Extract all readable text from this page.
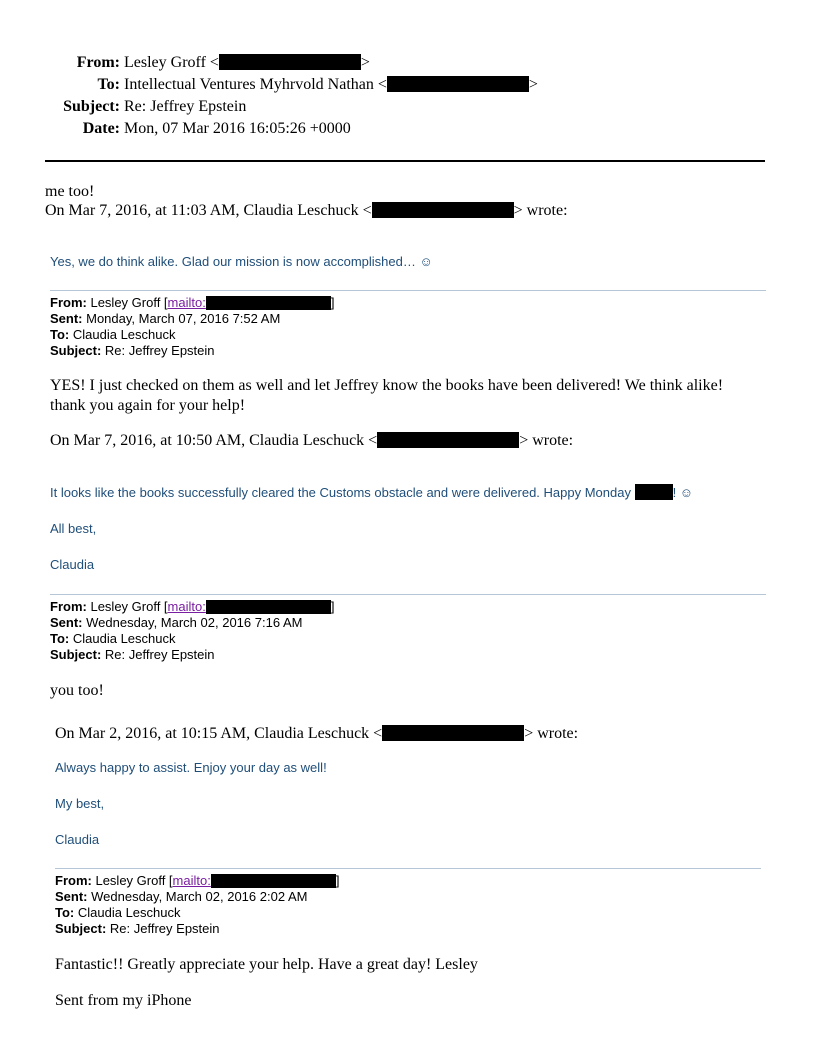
From: Lesley Groff <	>
To: Intellectual Ventures Myhrvold Nathan <	>
Subject: Re: Jeffrey Epstein
Date: Mon, 07 Mar 2016 16:05:26 +0000
me too!
On Mar 7, 2016, at 11:03 AM, Claudia Leschuck <	> wrote:
Yes, we do think alike. Glad our mission is now accomplished… ☺
From: Lesley Groff [mailto:	]
Sent: Monday, March 07, 2016 7:52 AM
To: Claudia Leschuck
Subject: Re: Jeffrey Epstein
YES! I just checked on them as well and let Jeffrey know the books have been delivered! We think alike!
thank you again for your help!
On Mar 7, 2016, at 10:50 AM, Claudia Leschuck <	> wrote:
It looks like the books successfully cleared the Customs obstacle and were delivered. Happy Monday	! ☺
All best,
Claudia
From: Lesley Groff [mailto:	]
Sent: Wednesday, March 02, 2016 7:16 AM
To: Claudia Leschuck
Subject: Re: Jeffrey Epstein
you too!
On Mar 2, 2016, at 10:15 AM, Claudia Leschuck <	> wrote:
Always happy to assist. Enjoy your day as well!
My best,
Claudia
From: Lesley Groff [mailto:	]
Sent: Wednesday, March 02, 2016 2:02 AM
To: Claudia Leschuck
Subject: Re: Jeffrey Epstein
Fantastic!! Greatly appreciate your help. Have a great day! Lesley
Sent from my iPhone
